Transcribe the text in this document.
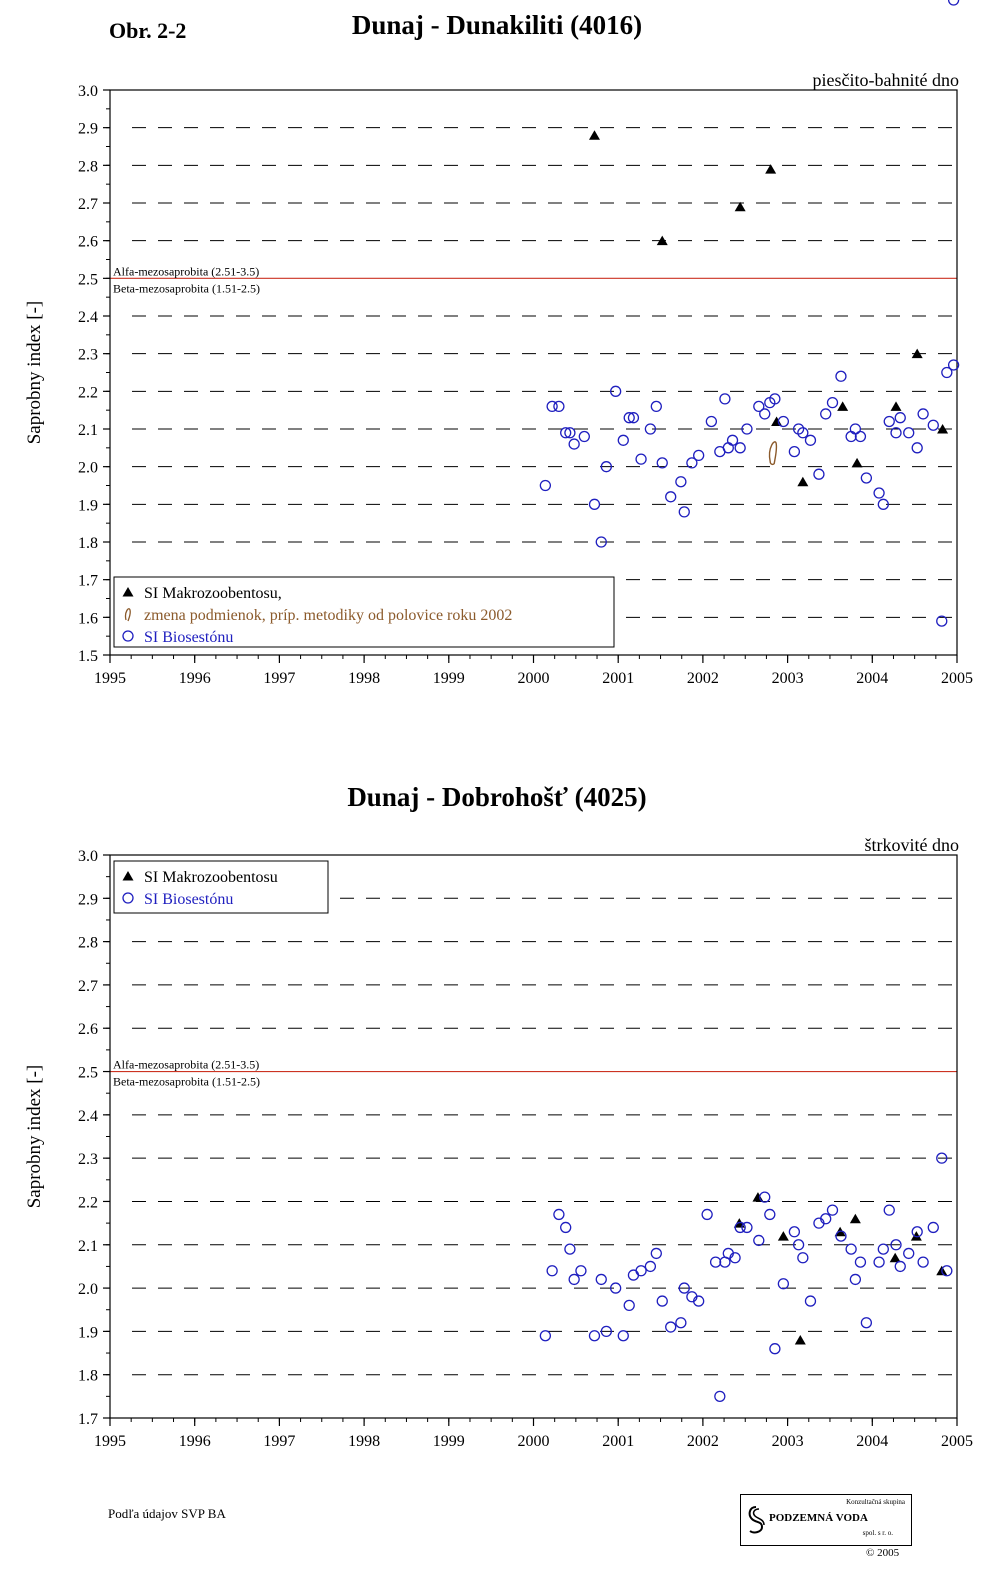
Obr. 2-2	Dunaj - Dunakiliti (4016)
Dunaj - Dobrohošť (4025)
piesčito-bahnité dno
Saprobny index [-]
1.5
1.6
1.7
1.8
1.9
2.0
2.1
2.2
2.3
2.4
2.5
2.6
2.7
2.8
2.9
3.0
1995	1996	1997	1998	1999	2000	2001	2002	2003	2004	2005
Alfa-mezosaprobita (2.51-3.5)
Beta-mezosaprobita (1.51-2.5)
SI Makrozoobentosu,
zmena podmienok, príp. metodiky od polovice roku 2002
SI Biosestónu
štrkovité dno
Saprobny index [-]
1.7
1.8
1.9
2.0
2.1
2.2
2.3
2.4
2.5
2.6
2.7
2.8
2.9
3.0
1995	1996	1997	1998	1999	2000	2001	2002	2003	2004	2005
Alfa-mezosaprobita (2.51-3.5)
Beta-mezosaprobita (1.51-2.5)
SI Makrozoobentosu
SI Biosestónu
Podľa údajov SVP BA
Konzultačná skupina
PODZEMNÁ VODA
spol. s r. o.
© 2005
